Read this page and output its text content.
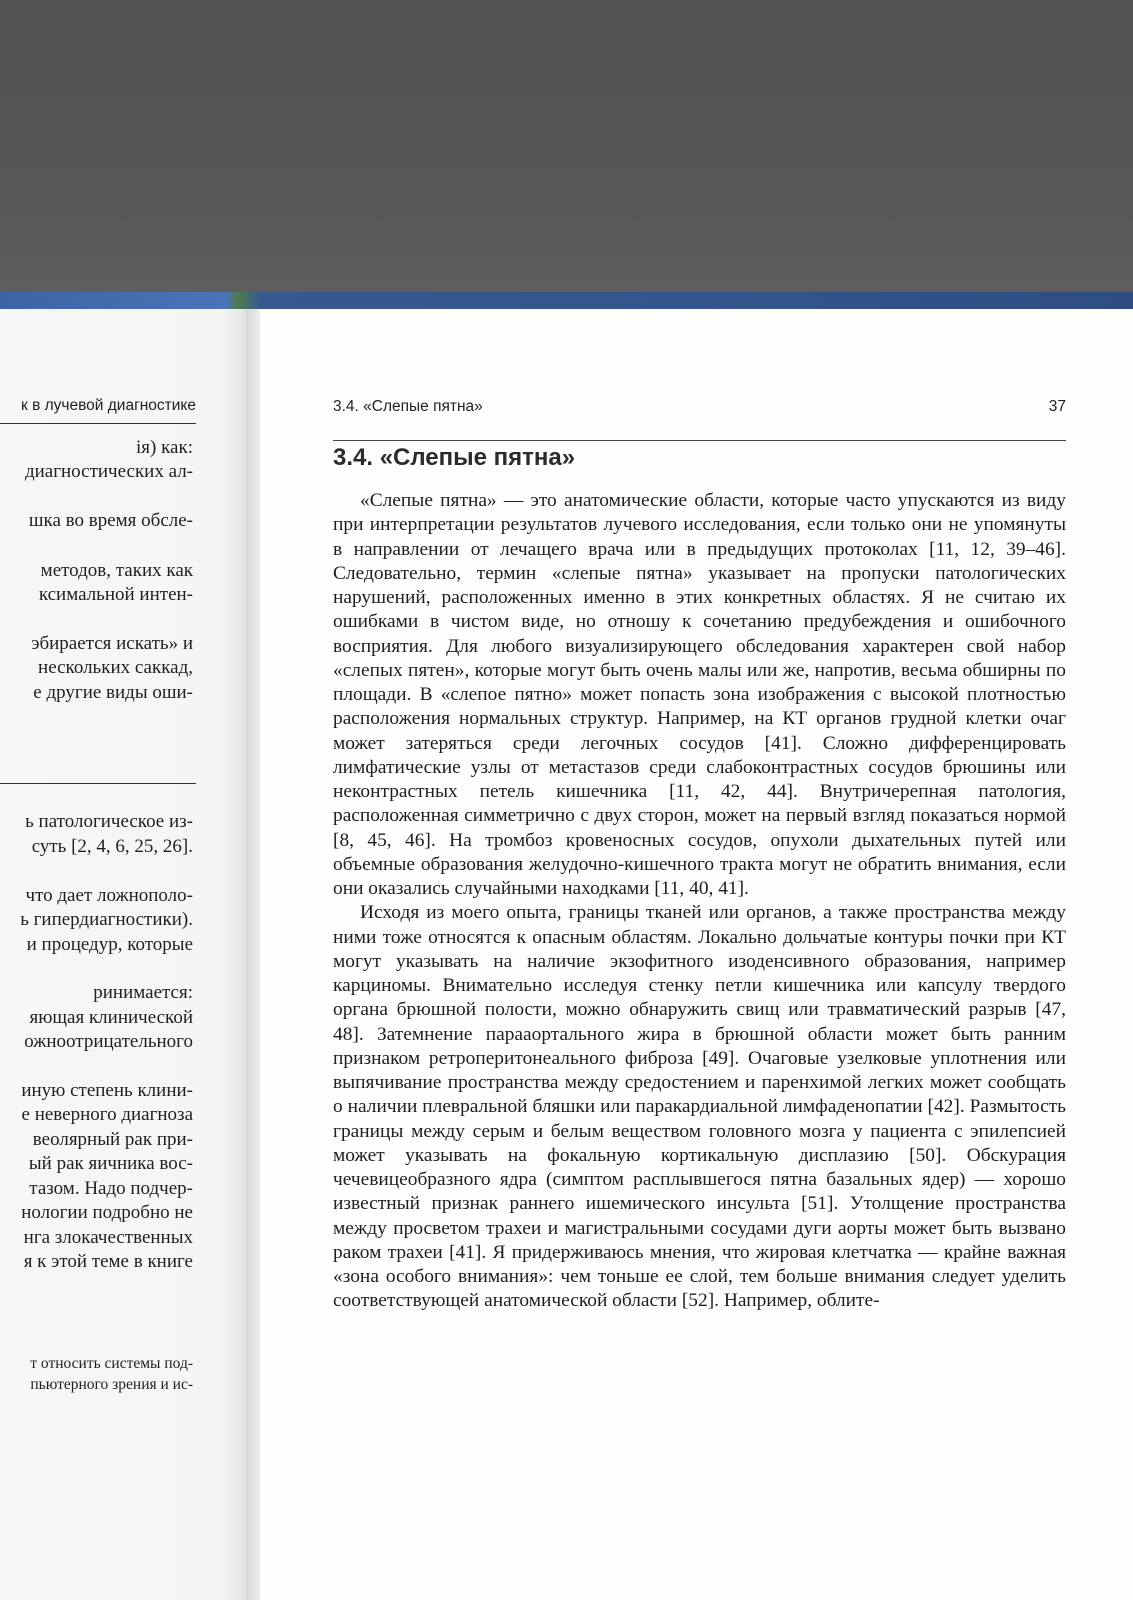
к в лучевой диагностике
ія) как:
диагностических ал-
шка во время обсле-
методов, таких как
ксимальной интен-
эбирается искать» и
нескольких саккад,
е другие виды оши-
ь патологическое из-
суть [2, 4, 6, 25, 26].
что дает ложнополо-
ь гипердиагностики).
и процедур, которые
ринимается:
яющая клинической
ожноотрицательного
иную степень клини-
е неверного диагноза
веолярный рак при-
ый рак яичника вос-
тазом. Надо подчер-
нологии подробно не
нга злокачественных
я к этой теме в книге
т относить системы под-
пьютерного зрения и ис-
3.4. «Слепые пятна»	37
3.4. «Слепые пятна»

«Слепые пятна» — это анатомические области, которые часто упускаются из виду при интерпретации результатов лучевого исследования, если только они не упомянуты в направлении от лечащего врача или в предыдущих протоколах [11, 12, 39–46]. Следовательно, термин «слепые пятна» указывает на пропуски патологических нарушений, расположенных именно в этих конкретных областях. Я не считаю их ошибками в чистом виде, но отношу к сочетанию предубеждения и ошибочного восприятия. Для любого визуализирующего обследования характерен свой набор «слепых пятен», которые могут быть очень малы или же, напротив, весьма обширны по площади. В «слепое пятно» может попасть зона изображения с высокой плотностью расположения нормальных структур. Например, на КТ органов грудной клетки очаг может затеряться среди легочных сосудов [41]. Сложно дифференцировать лимфатические узлы от метастазов среди слабоконтрастных сосудов брюшины или неконтрастных петель кишечника [11, 42, 44]. Внутричерепная патология, расположенная симметрично с двух сторон, может на первый взгляд показаться нормой [8, 45, 46]. На тромбоз кровеносных сосудов, опухоли дыхательных путей или объемные образования желудочно-кишечного тракта могут не обратить внимания, если они оказались случайными находками [11, 40, 41].

Исходя из моего опыта, границы тканей или органов, а также пространства между ними тоже относятся к опасным областям. Локально дольчатые контуры почки при КТ могут указывать на наличие экзофитного изоденсивного образования, например карциномы. Внимательно исследуя стенку петли кишечника или капсулу твердого органа брюшной полости, можно обнаружить свищ или травматический разрыв [47, 48]. Затемнение парааортального жира в брюшной области может быть ранним признаком ретроперитонеального фиброза [49]. Очаговые узелковые уплотнения или выпячивание пространства между средостением и паренхимой легких может сообщать о наличии плевральной бляшки или паракардиальной лимфаденопатии [42]. Размытость границы между серым и белым веществом головного мозга у пациента с эпилепсией может указывать на фокальную кортикальную дисплазию [50]. Обскурация чечевицеобразного ядра (симптом расплывшегося пятна базальных ядер) — хорошо известный признак раннего ишемического инсульта [51]. Утолщение пространства между просветом трахеи и магистральными сосудами дуги аорты может быть вызвано раком трахеи [41]. Я придерживаюсь мнения, что жировая клетчатка — крайне важная «зона особого внимания»: чем тоньше ее слой, тем больше внимания следует уделить соответствующей анатомической области [52]. Например, облите-
